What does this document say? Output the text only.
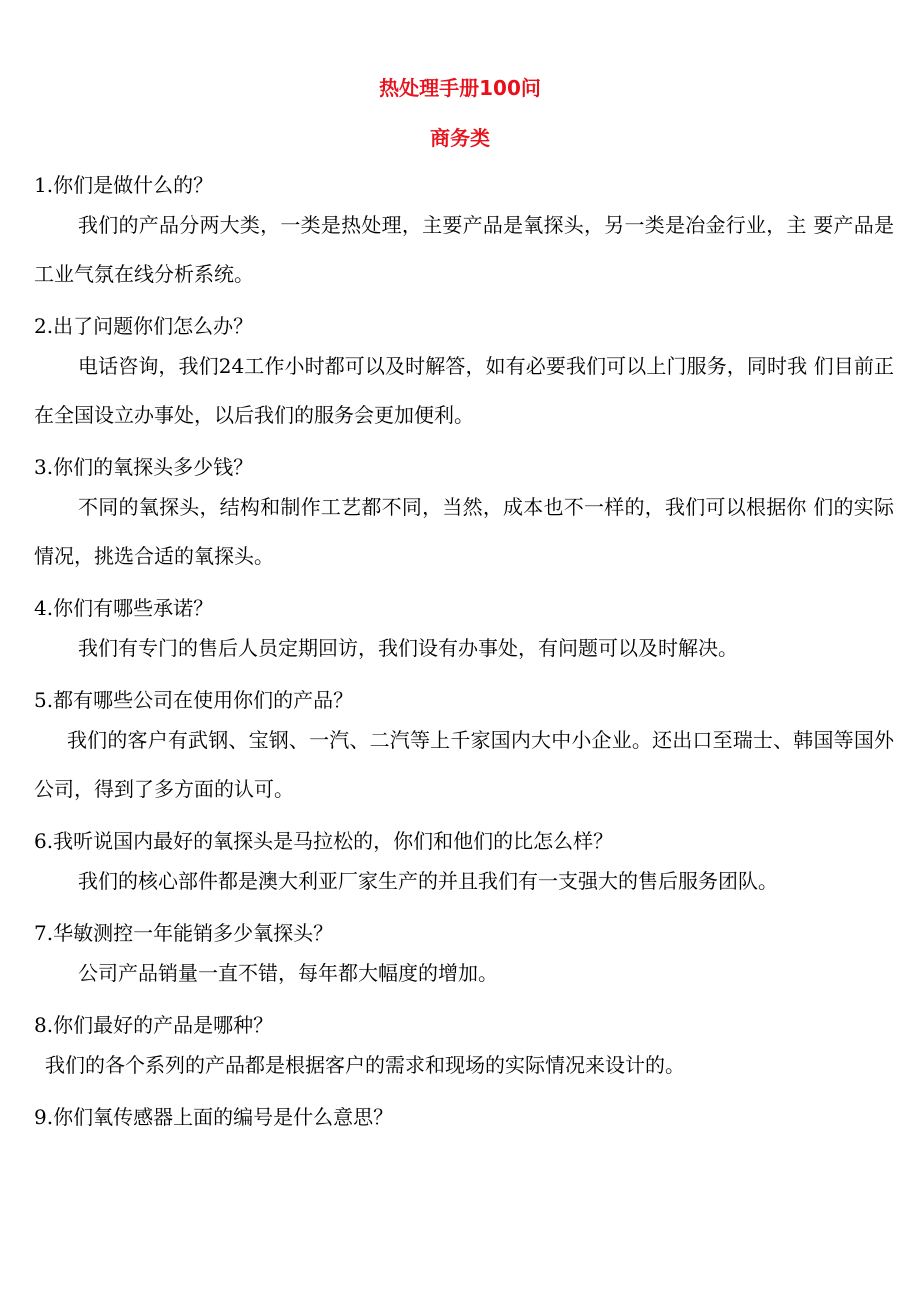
热处理手册100问
商务类

1.你们是做什么的？

我们的产品分两大类，一类是热处理，主要产品是氧探头，另一类是冶金行业，主 要产品是工业气氛在线分析系统。

2.出了问题你们怎么办？

电话咨询，我们24工作小时都可以及时解答，如有必要我们可以上门服务，同时我 们目前正在全国设立办事处，以后我们的服务会更加便利。

3.你们的氧探头多少钱？

不同的氧探头，结构和制作工艺都不同，当然，成本也不一样的，我们可以根据你 们的实际情况，挑选合适的氧探头。

4.你们有哪些承诺？

我们有专门的售后人员定期回访，我们设有办事处，有问题可以及时解决。

5.都有哪些公司在使用你们的产品？

我们的客户有武钢、宝钢、一汽、二汽等上千家国内大中小企业。还出口至瑞士、韩国等国外公司，得到了多方面的认可。

6.我听说国内最好的氧探头是马拉松的，你们和他们的比怎么样？

我们的核心部件都是澳大利亚厂家生产的并且我们有一支强大的售后服务团队。

7.华敏测控一年能销多少氧探头？

公司产品销量一直不错，每年都大幅度的增加。

8.你们最好的产品是哪种？

我们的各个系列的产品都是根据客户的需求和现场的实际情况来设计的。

9.你们氧传感器上面的编号是什么意思？
